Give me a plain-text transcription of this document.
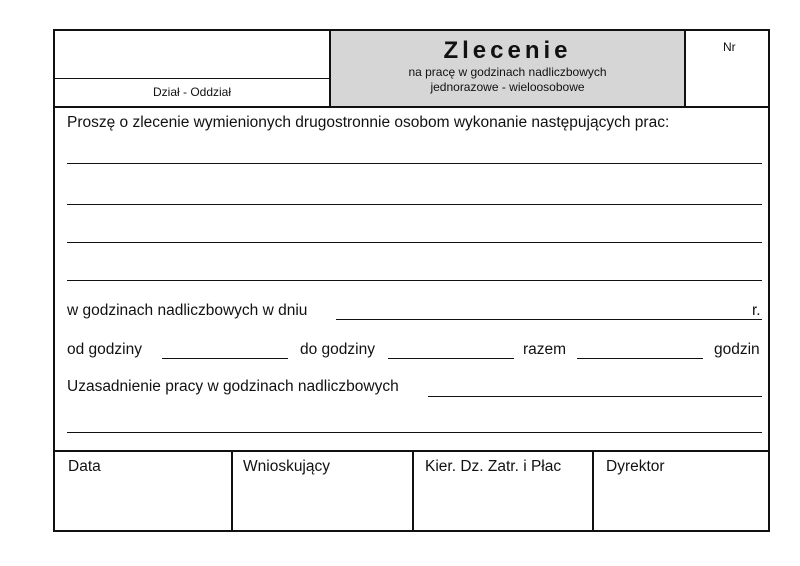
Dział - Oddział
Zlecenie
na pracę w godzinach nadliczbowych
jednorazowe - wieloosobowe
Nr
Proszę o zlecenie wymienionych drugostronnie osobom wykonanie następujących prac:
w godzinach nadliczbowych w dniu	r.
od godziny	do godziny	razem	godzin
Uzasadnienie pracy w godzinach nadliczbowych
Data	Wnioskujący	Kier. Dz. Zatr. i Płac	Dyrektor
